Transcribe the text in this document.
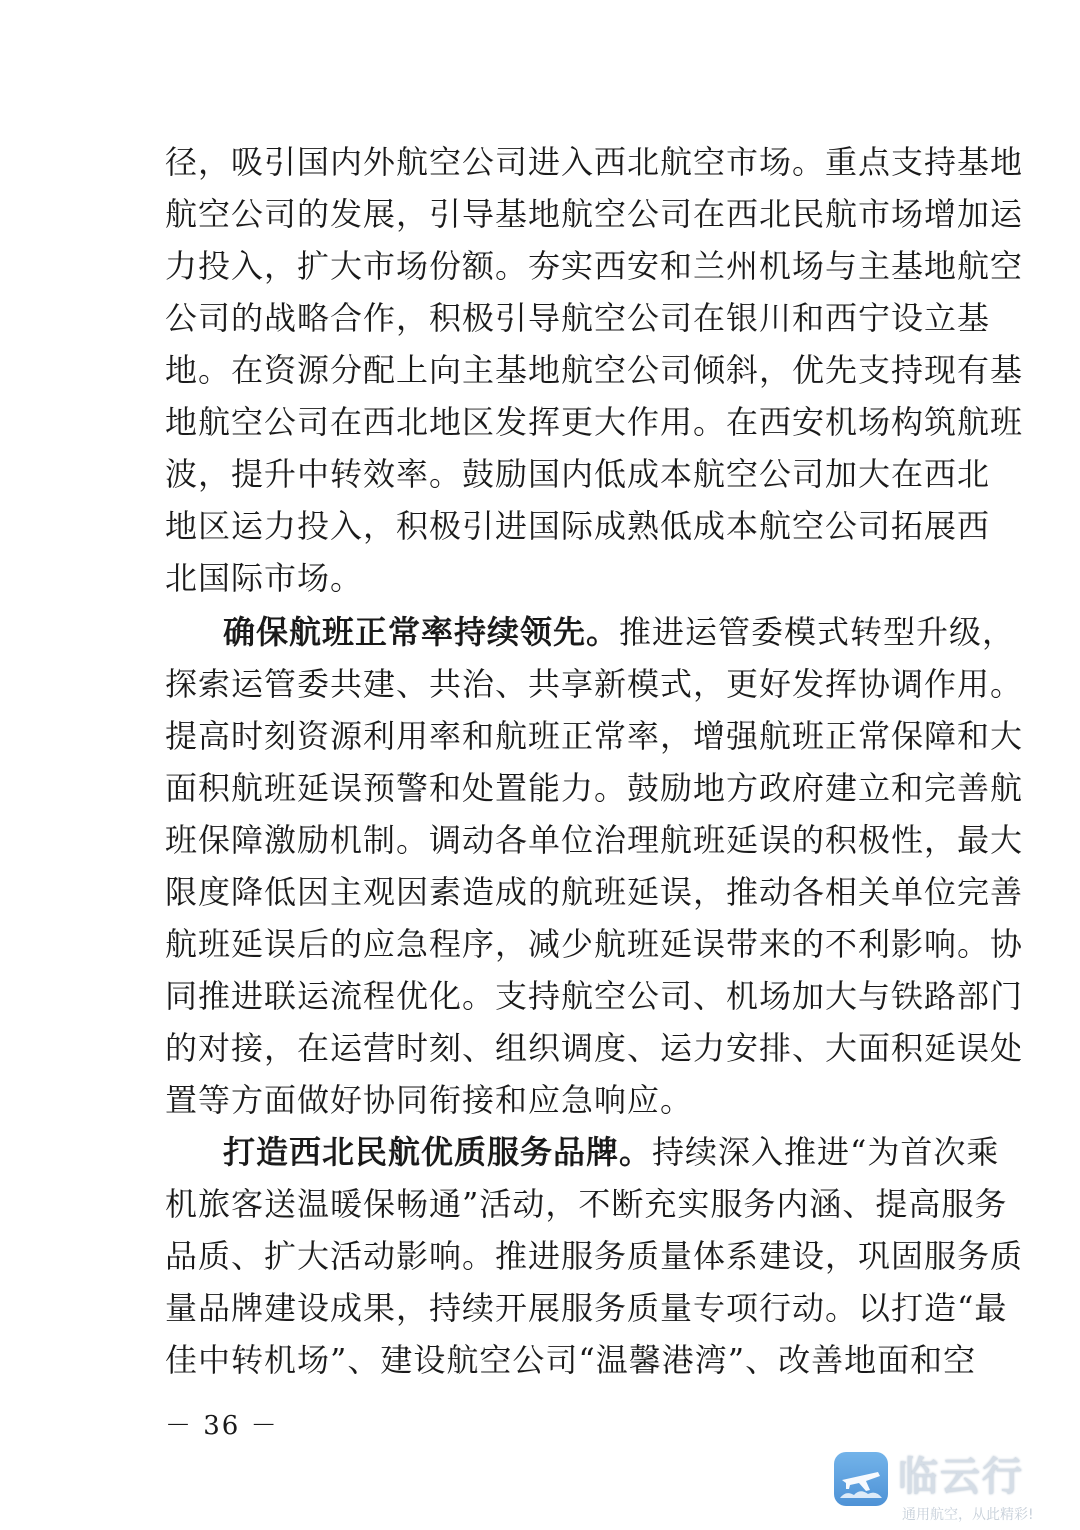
径，吸引国内外航空公司进入西北航空市场。重点支持基地
航空公司的发展，引导基地航空公司在西北民航市场增加运
力投入，扩大市场份额。夯实西安和兰州机场与主基地航空
公司的战略合作，积极引导航空公司在银川和西宁设立基
地。在资源分配上向主基地航空公司倾斜，优先支持现有基
地航空公司在西北地区发挥更大作用。在西安机场构筑航班
波，提升中转效率。鼓励国内低成本航空公司加大在西北
地区运力投入，积极引进国际成熟低成本航空公司拓展西
北国际市场。
确保航班正常率持续领先。推进运管委模式转型升级，
探索运管委共建、共治、共享新模式，更好发挥协调作用。
提高时刻资源利用率和航班正常率，增强航班正常保障和大
面积航班延误预警和处置能力。鼓励地方政府建立和完善航
班保障激励机制。调动各单位治理航班延误的积极性，最大
限度降低因主观因素造成的航班延误，推动各相关单位完善
航班延误后的应急程序，减少航班延误带来的不利影响。协
同推进联运流程优化。支持航空公司、机场加大与铁路部门
的对接，在运营时刻、组织调度、运力安排、大面积延误处
置等方面做好协同衔接和应急响应。
打造西北民航优质服务品牌。持续深入推进“为首次乘
机旅客送温暖保畅通”活动，不断充实服务内涵、提高服务
品质、扩大活动影响。推进服务质量体系建设，巩固服务质
量品牌建设成果，持续开展服务质量专项行动。以打造“最
佳中转机场”、建设航空公司“温馨港湾”、改善地面和空
－ 36 －
临云行
通用航空，从此精彩!
